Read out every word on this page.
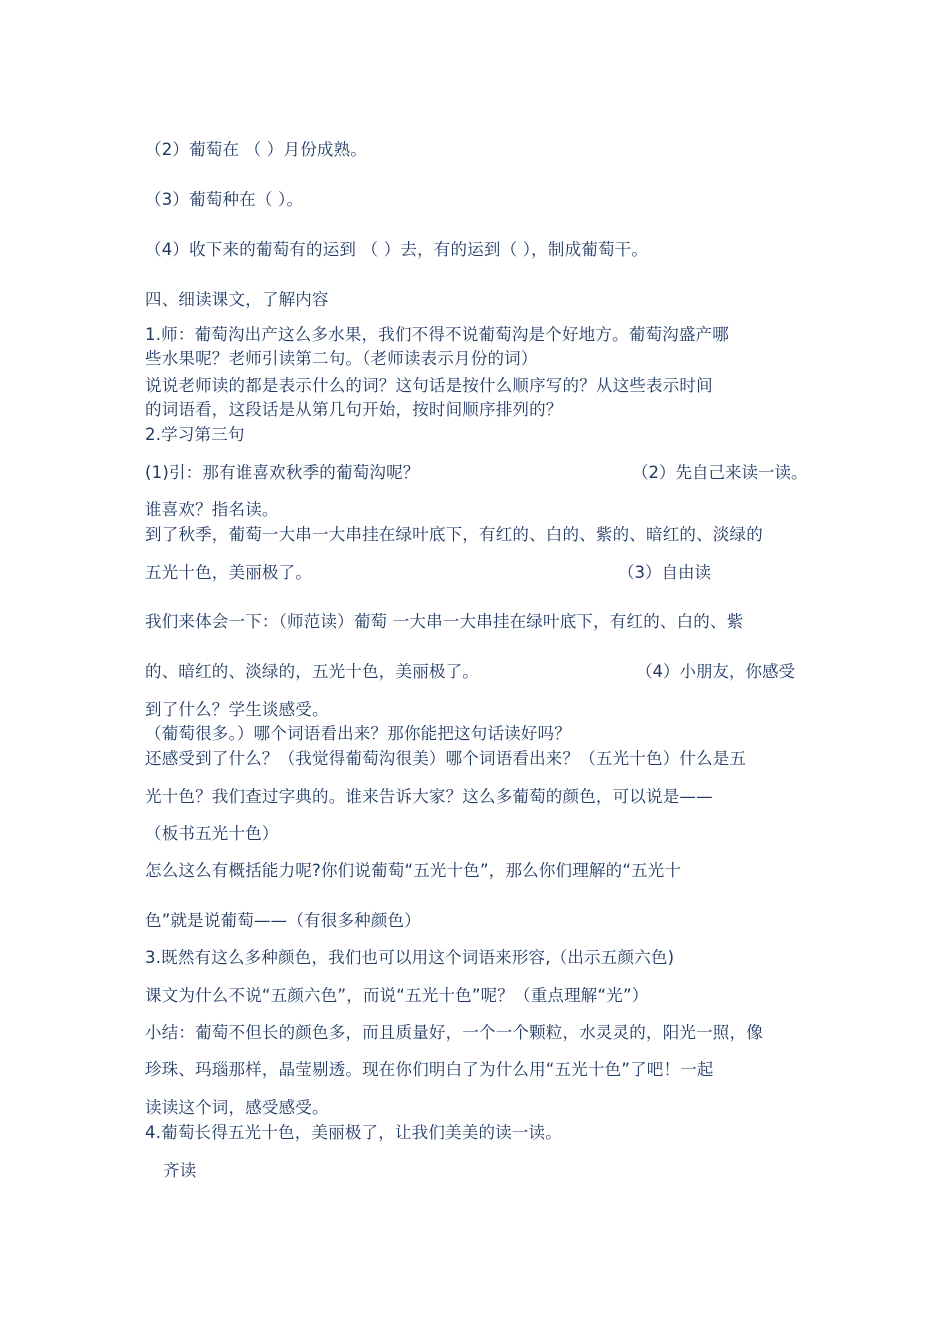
（2）葡萄在 （ ）月份成熟。
（3）葡萄种在（ ）。
（4）收下来的葡萄有的运到 （ ）去，有的运到（ ），制成葡萄干。
四、细读课文，了解内容
1.师：葡萄沟出产这么多水果，我们不得不说葡萄沟是个好地方。葡萄沟盛产哪
些水果呢？老师引读第二句。（老师读表示月份的词）
说说老师读的都是表示什么的词？这句话是按什么顺序写的？从这些表示时间
的词语看，这段话是从第几句开始，按时间顺序排列的？
2.学习第三句
(1)引：那有谁喜欢秋季的葡萄沟呢？	（2）先自己来读一读。
谁喜欢？指名读。
到了秋季，葡萄一大串一大串挂在绿叶底下，有红的、白的、紫的、暗红的、淡绿的
五光十色，美丽极了。	（3）自由读
我们来体会一下：（师范读）葡萄 一大串一大串挂在绿叶底下，有红的、白的、紫
的、暗红的、淡绿的，五光十色，美丽极了。	（4）小朋友，你感受
到了什么？学生谈感受。
（葡萄很多。）哪个词语看出来？那你能把这句话读好吗？
还感受到了什么？（我觉得葡萄沟很美）哪个词语看出来？（五光十色）什么是五
光十色？我们查过字典的。谁来告诉大家？这么多葡萄的颜色，可以说是——
（板书五光十色）
怎么这么有概括能力呢?你们说葡萄“五光十色”，那么你们理解的“五光十
色”就是说葡萄——（有很多种颜色）
3.既然有这么多种颜色，我们也可以用这个词语来形容,（出示五颜六色)
课文为什么不说“五颜六色”，而说“五光十色”呢？（重点理解“光”）
小结：葡萄不但长的颜色多，而且质量好，一个一个颗粒，水灵灵的，阳光一照，像
珍珠、玛瑙那样，晶莹剔透。现在你们明白了为什么用“五光十色”了吧！一起
读读这个词，感受感受。
4.葡萄长得五光十色，美丽极了，让我们美美的读一读。
齐读
